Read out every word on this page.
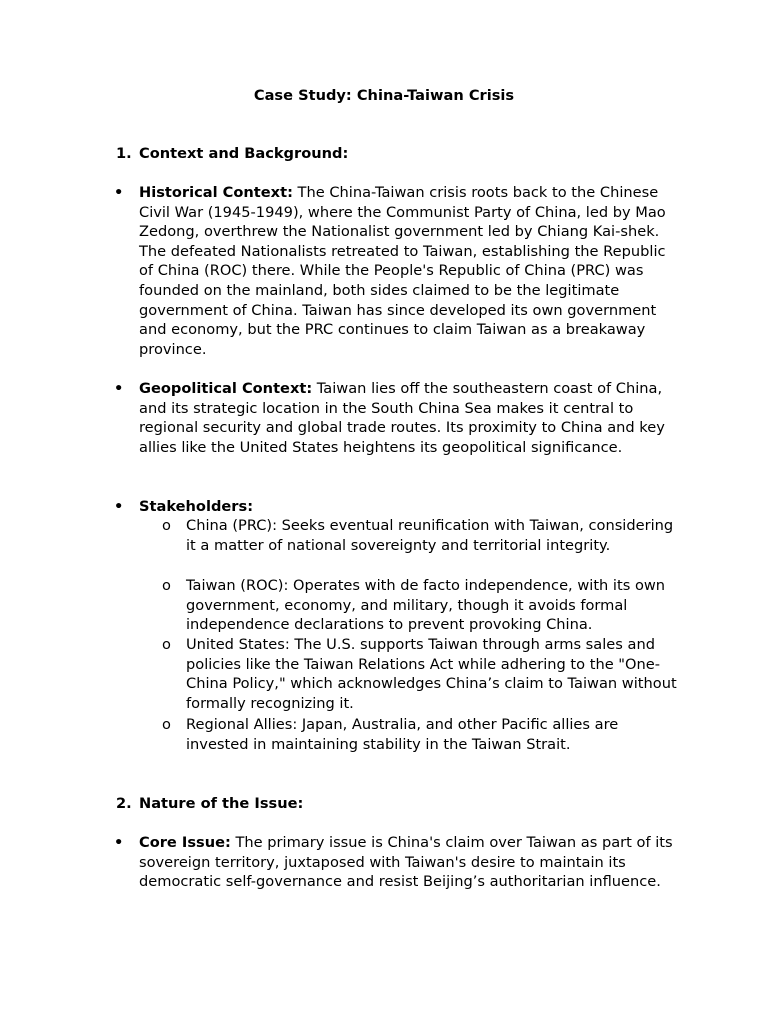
Case Study: China-Taiwan Crisis
1. Context and Background:
• Historical Context: The China-Taiwan crisis roots back to the Chinese Civil War (1945-1949), where the Communist Party of China, led by Mao Zedong, overthrew the Nationalist government led by Chiang Kai-shek. The defeated Nationalists retreated to Taiwan, establishing the Republic of China (ROC) there. While the People's Republic of China (PRC) was founded on the mainland, both sides claimed to be the legitimate government of China. Taiwan has since developed its own government and economy, but the PRC continues to claim Taiwan as a breakaway province.
• Geopolitical Context: Taiwan lies off the southeastern coast of China, and its strategic location in the South China Sea makes it central to regional security and global trade routes. Its proximity to China and key allies like the United States heightens its geopolitical significance.
• Stakeholders:
o China (PRC): Seeks eventual reunification with Taiwan, considering it a matter of national sovereignty and territorial integrity.
o Taiwan (ROC): Operates with de facto independence, with its own government, economy, and military, though it avoids formal independence declarations to prevent provoking China.
o United States: The U.S. supports Taiwan through arms sales and policies like the Taiwan Relations Act while adhering to the "One-China Policy," which acknowledges China’s claim to Taiwan without formally recognizing it.
o Regional Allies: Japan, Australia, and other Pacific allies are invested in maintaining stability in the Taiwan Strait.
2. Nature of the Issue:
• Core Issue: The primary issue is China's claim over Taiwan as part of its sovereign territory, juxtaposed with Taiwan's desire to maintain its democratic self-governance and resist Beijing’s authoritarian influence.
